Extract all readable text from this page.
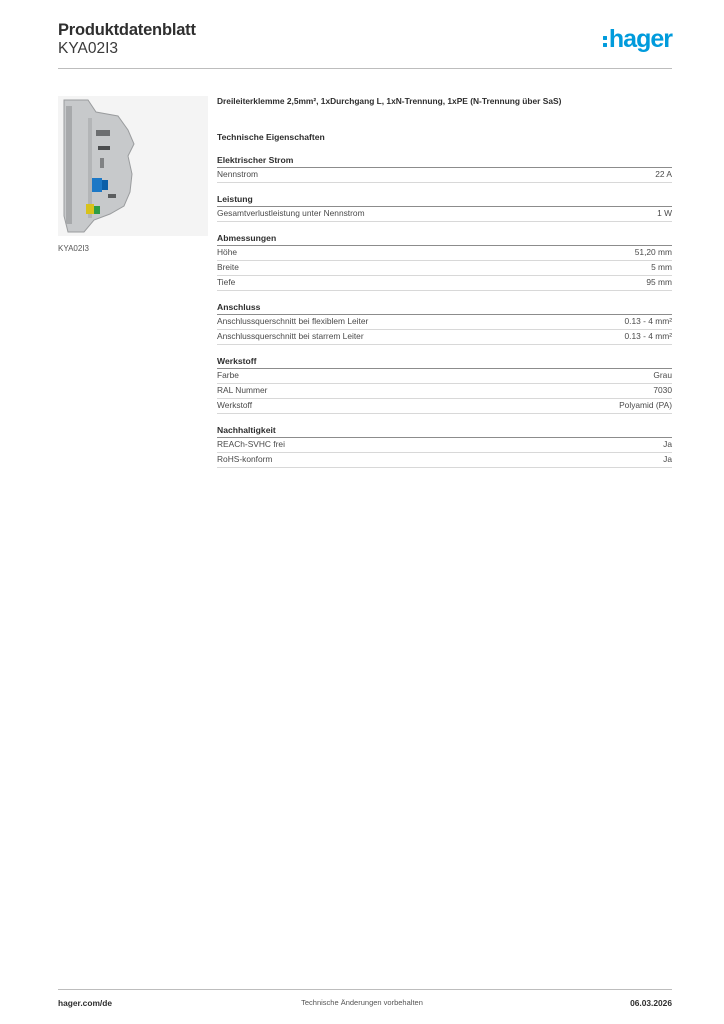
Produktdatenblatt
KYA02I3	hager
KYA02I3
Dreileiterklemme 2,5mm², 1xDurchgang L, 1xN-Trennung, 1xPE (N-Trennung über SaS)
Technische Eigenschaften
Elektrischer Strom
Nennstrom	22 A
Leistung
Gesamtverlustleistung unter Nennstrom	1 W
Abmessungen
Höhe	51,20 mm
Breite	5 mm
Tiefe	95 mm
Anschluss
Anschlussquerschnitt bei flexiblem Leiter	0.13 - 4 mm²
Anschlussquerschnitt bei starrem Leiter	0.13 - 4 mm²
Werkstoff
Farbe	Grau
RAL Nummer	7030
Werkstoff	Polyamid (PA)
Nachhaltigkeit
REACh-SVHC frei	Ja
RoHS-konform	Ja
hager.com/de	Technische Änderungen vorbehalten	06.03.2026
